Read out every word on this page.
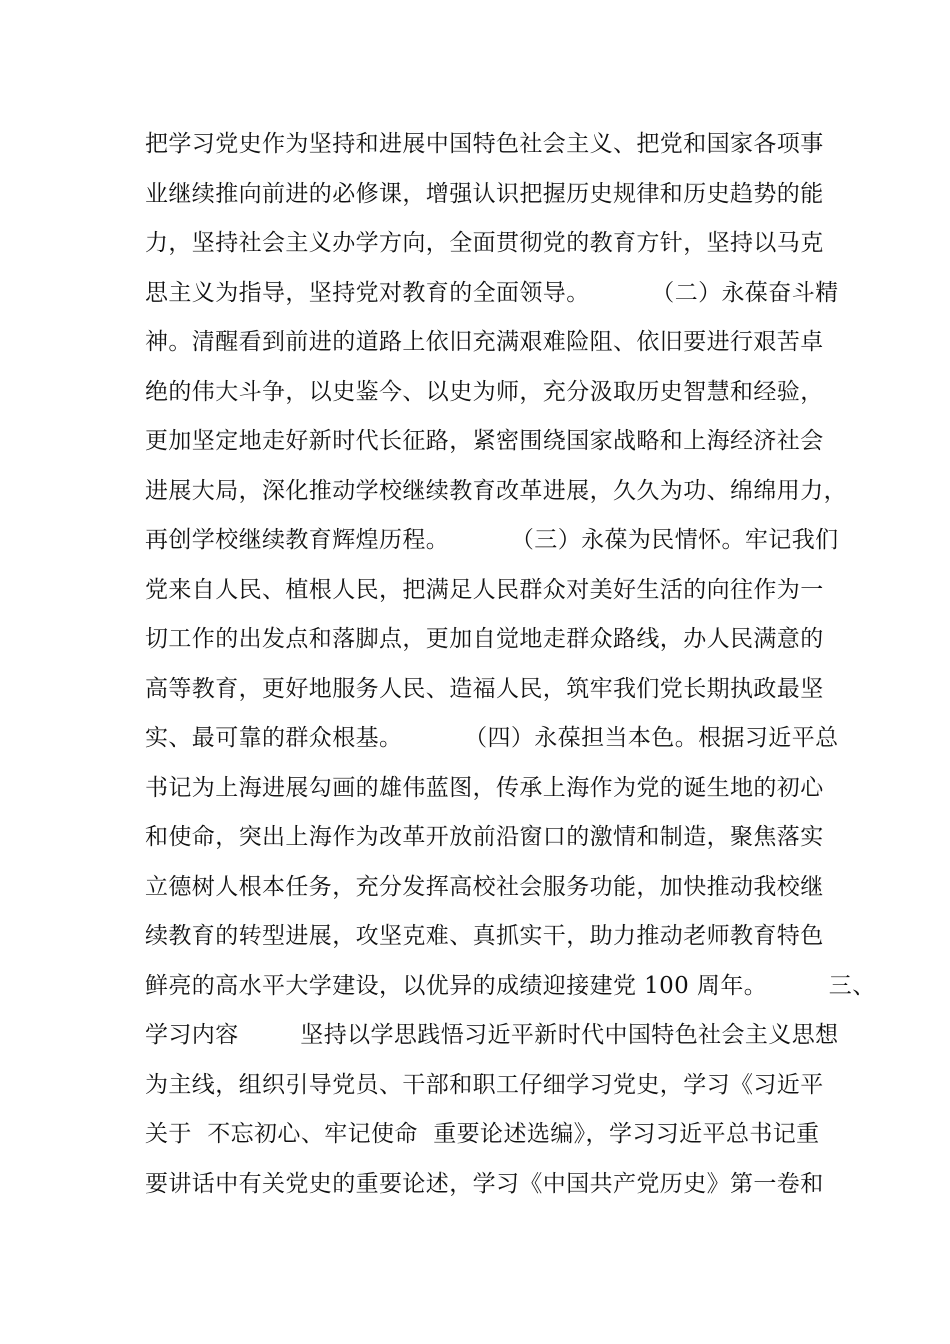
把学习党史作为坚持和进展中国特色社会主义、把党和国家各项事
业继续推向前进的必修课，增强认识把握历史规律和历史趋势的能
力，坚持社会主义办学方向，全面贯彻党的教育方针，坚持以马克
思主义为指导，坚持党对教育的全面领导。        （二）永葆奋斗精
神。清醒看到前进的道路上依旧充满艰难险阻、依旧要进行艰苦卓
绝的伟大斗争，以史鉴今、以史为师，充分汲取历史智慧和经验，
更加坚定地走好新时代长征路，紧密围绕国家战略和上海经济社会
进展大局，深化推动学校继续教育改革进展，久久为功、绵绵用力，
再创学校继续教育辉煌历程。        （三）永葆为民情怀。牢记我们
党来自人民、植根人民，把满足人民群众对美好生活的向往作为一
切工作的出发点和落脚点，更加自觉地走群众路线，办人民满意的
高等教育，更好地服务人民、造福人民，筑牢我们党长期执政最坚
实、最可靠的群众根基。        （四）永葆担当本色。根据习近平总
书记为上海进展勾画的雄伟蓝图，传承上海作为党的诞生地的初心
和使命，突出上海作为改革开放前沿窗口的激情和制造，聚焦落实
立德树人根本任务，充分发挥高校社会服务功能，加快推动我校继
续教育的转型进展，攻坚克难、真抓实干，助力推动老师教育特色
鲜亮的高水平大学建设，以优异的成绩迎接建党 100 周年。        三、
学习内容        坚持以学思践悟习近平新时代中国特色社会主义思想
为主线，组织引导党员、干部和职工仔细学习党史，学习《习近平
关于  不忘初心、牢记使命  重要论述选编》，学习习近平总书记重
要讲话中有关党史的重要论述，学习《中国共产党历史》第一卷和
